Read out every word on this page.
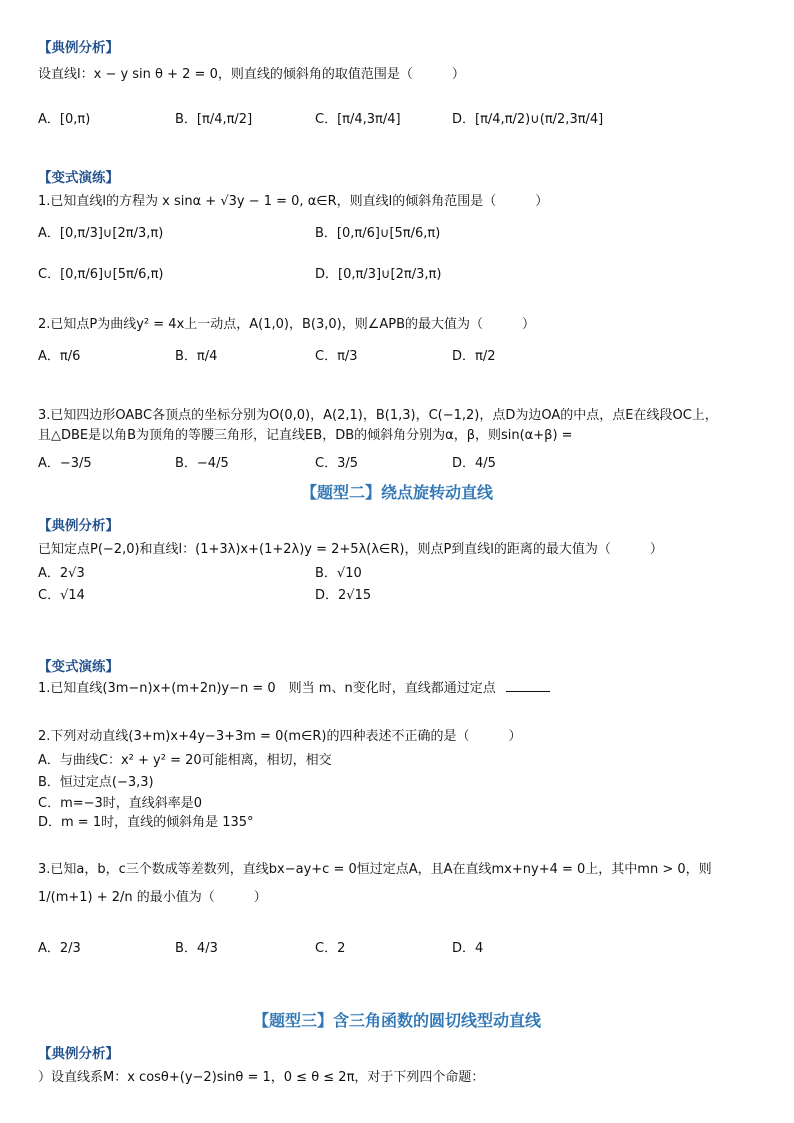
【典例分析】
设直线l：x − y sin θ + 2 = 0，则直线的倾斜角的取值范围是（　　　）
A．[0,π)	B．[π/4,π/2]	C．[π/4,3π/4]	D．[π/4,π/2)∪(π/2,3π/4]
【变式演练】
1.已知直线l的方程为 x sinα + √3y − 1 = 0, α∈R，则直线l的倾斜角范围是（　　　）
A．[0,π/3]∪[2π/3,π)	B．[0,π/6]∪[5π/6,π)
C．[0,π/6]∪[5π/6,π)	D．[0,π/3]∪[2π/3,π)
2.已知点P为曲线y² = 4x上一动点，A(1,0)，B(3,0)，则∠APB的最大值为（　　　）
A．π/6	B．π/4	C．π/3	D．π/2
3.已知四边形OABC各顶点的坐标分别为O(0,0)，A(2,1)，B(1,3)，C(−1,2)，点D为边OA的中点，点E在线段OC上，
且△DBE是以角B为顶角的等腰三角形，记直线EB，DB的倾斜角分别为α，β，则sin(α+β) =
A．−3/5	B．−4/5	C．3/5	D．4/5
【题型二】绕点旋转动直线
【典例分析】
已知定点P(−2,0)和直线l：(1+3λ)x+(1+2λ)y = 2+5λ(λ∈R)，则点P到直线l的距离的最大值为（　　　）
A．2√3	B．√10
C．√14	D．2√15
【变式演练】
1.已知直线(3m−n)x+(m+2n)y−n = 0　则当 m、n变化时，直线都通过定点
2.下列对动直线(3+m)x+4y−3+3m = 0(m∈R)的四种表述不正确的是（　　　）
A．与曲线C：x² + y² = 20可能相离，相切，相交
B．恒过定点(−3,3)
C．m=−3时，直线斜率是0
D．m = 1时，直线的倾斜角是 135°
3.已知a，b，c三个数成等差数列，直线bx−ay+c = 0恒过定点A，且A在直线mx+ny+4 = 0上，其中mn > 0，则
1/(m+1) + 2/n 的最小值为（　　　）
A．2/3	B．4/3	C．2	D．4
【题型三】含三角函数的圆切线型动直线
【典例分析】
）设直线系M：x cosθ+(y−2)sinθ = 1，0 ≤ θ ≤ 2π，对于下列四个命题：
